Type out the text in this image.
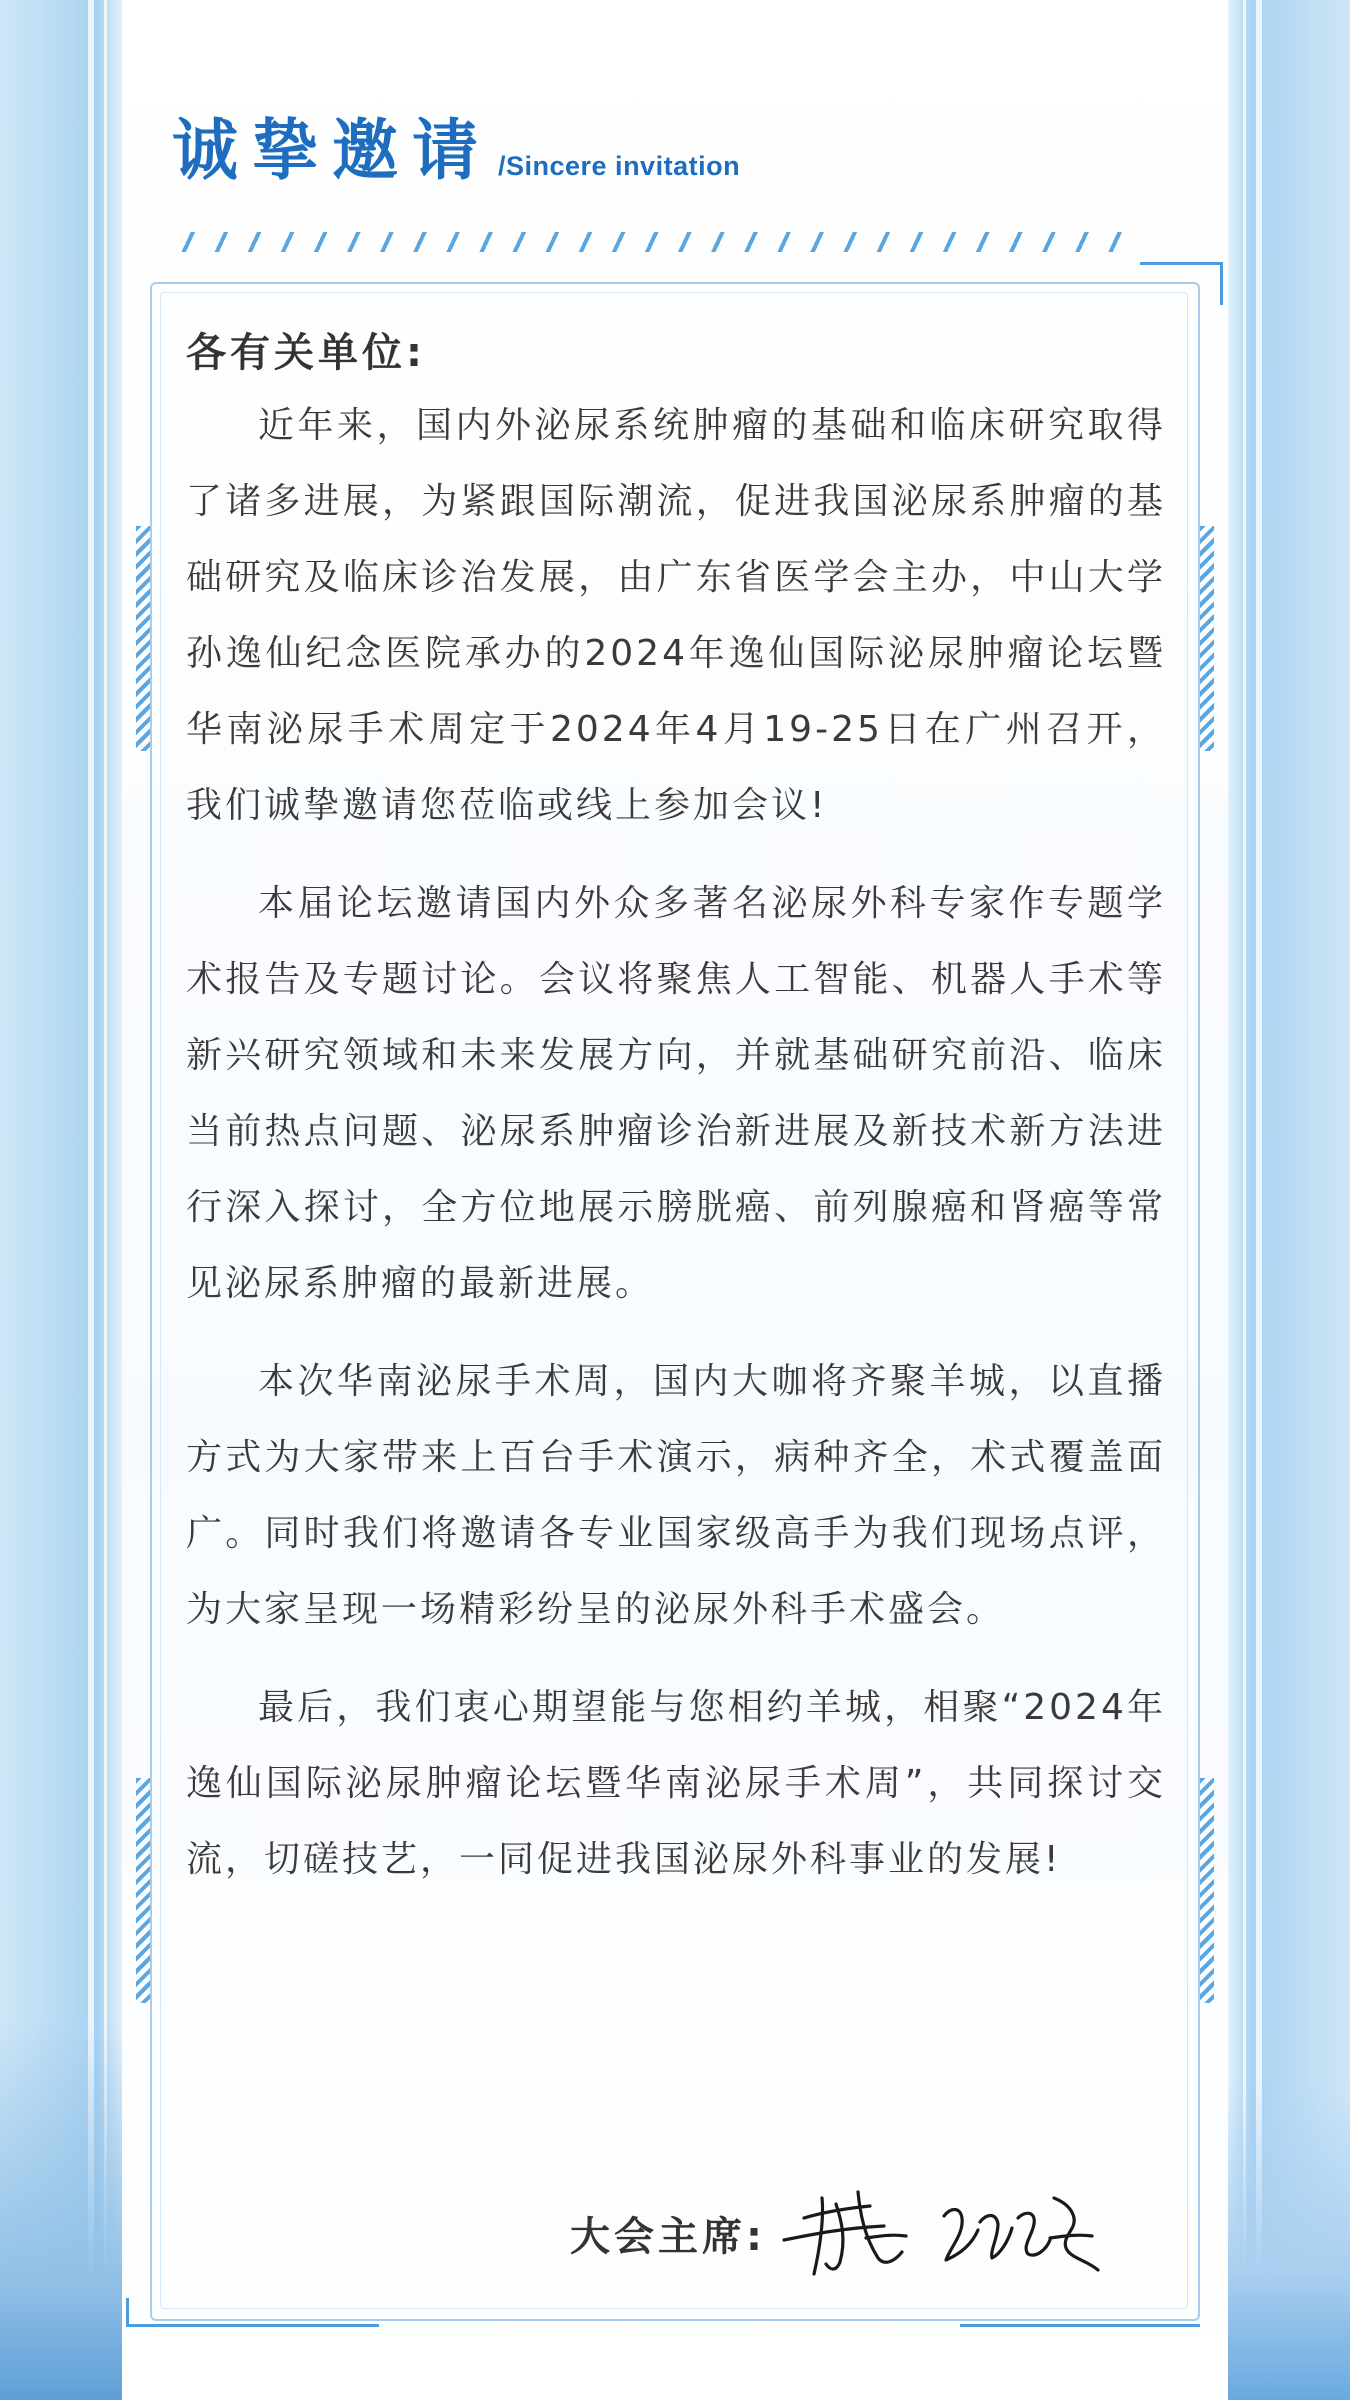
诚挚邀请 /Sincere invitation

各有关单位:

近年来，国内外泌尿系统肿瘤的基础和临床研究取得了诸多进展，为紧跟国际潮流，促进我国泌尿系肿瘤的基础研究及临床诊治发展，由广东省医学会主办，中山大学孙逸仙纪念医院承办的2024年逸仙国际泌尿肿瘤论坛暨华南泌尿手术周定于2024年4月19-25日在广州召开，我们诚挚邀请您莅临或线上参加会议!

本届论坛邀请国内外众多著名泌尿外科专家作专题学术报告及专题讨论。会议将聚焦人工智能、机器人手术等新兴研究领域和未来发展方向，并就基础研究前沿、临床当前热点问题、泌尿系肿瘤诊治新进展及新技术新方法进行深入探讨，全方位地展示膀胱癌、前列腺癌和肾癌等常见泌尿系肿瘤的最新进展。

本次华南泌尿手术周，国内大咖将齐聚羊城，以直播方式为大家带来上百台手术演示，病种齐全，术式覆盖面广。同时我们将邀请各专业国家级高手为我们现场点评，为大家呈现一场精彩纷呈的泌尿外科手术盛会。

最后，我们衷心期望能与您相约羊城，相聚“2024年逸仙国际泌尿肿瘤论坛暨华南泌尿手术周”，共同探讨交流，切磋技艺，一同促进我国泌尿外科事业的发展!

大会主席:
